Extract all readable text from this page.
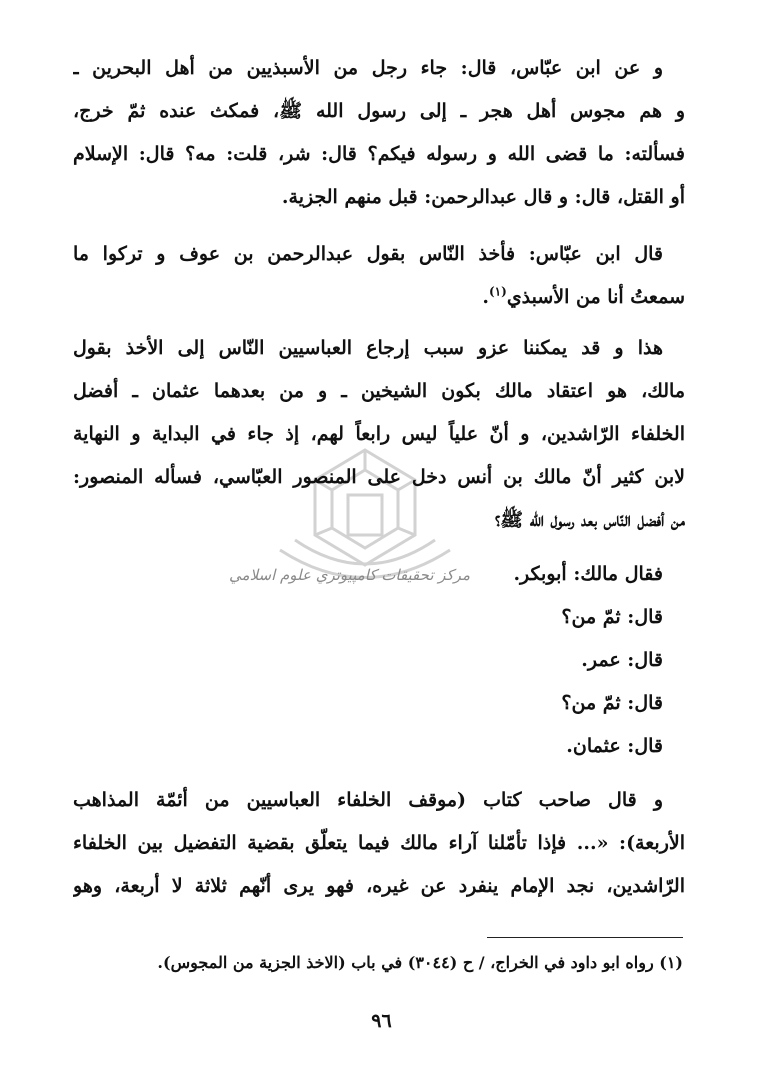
مركز تحقيقات كامپيوتري علوم اسلامي
و عن ابن عبّاس، قال: جاء رجل من الأسبذيين من أهل البحرين ـ
و هم مجوس أهل هجر ـ إلى رسول الله ﷺ، فمكث عنده ثمّ خرج،
فسألته: ما قضى الله و رسوله فيكم؟ قال: شر، قلت: مه؟ قال: الإسلام
أو القتل، قال: و قال عبدالرحمن: قبل منهم الجزية.
قال ابن عبّاس: فأخذ النّاس بقول عبدالرحمن بن عوف و تركوا ما
سمعتُ أنا من الأسبذي$^{(١)}$.
هذا و قد يمكننا عزو سبب إرجاع العباسيين النّاس إلى الأخذ بقول
مالك، هو اعتقاد مالك بكون الشيخين ـ و من بعدهما عثمان ـ أفضل
الخلفاء الرّاشدين، و أنّ علياً ليس رابعاً لهم، إذ جاء في البداية و النهاية
لابن كثير أنّ مالك بن أنس دخل على المنصور العبّاسي، فسأله المنصور:
من أفضل النّاس بعد رسول الله ﷺ؟
فقال مالك: أبوبكر.
قال: ثمّ من؟
قال: عمر.
قال: ثمّ من؟
قال: عثمان.
و قال صاحب كتاب (موقف الخلفاء العباسيين من أئمّة المذاهب
الأربعة): «... فإذا تأمّلنا آراء مالك فيما يتعلّق بقضية التفضيل بين الخلفاء
الرّاشدين، نجد الإمام ينفرد عن غيره، فهو يرى أنّهم ثلاثة لا أربعة، وهو
(١) رواه ابو داود في الخراج، / ح (٣٠٤٤) في باب (الاخذ الجزية من المجوس).
٩٦
